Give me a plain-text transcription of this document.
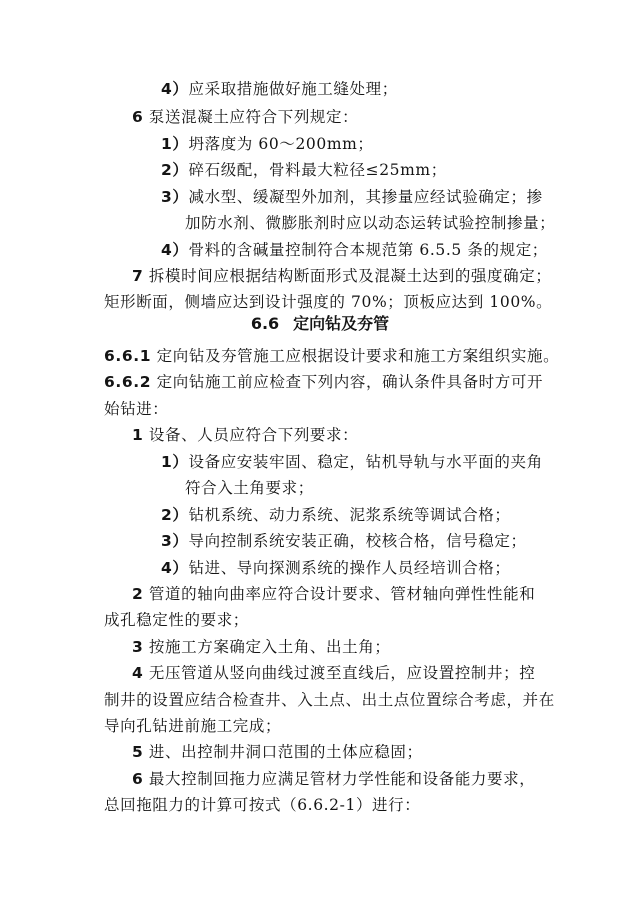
4）应采取措施做好施工缝处理；
6 泵送混凝土应符合下列规定：
1）坍落度为 60～200mm；
2）碎石级配，骨料最大粒径≤25mm；
3）减水型、缓凝型外加剂，其掺量应经试验确定；掺
加防水剂、微膨胀剂时应以动态运转试验控制掺量；
4）骨料的含碱量控制符合本规范第 6.5.5 条的规定；
7 拆模时间应根据结构断面形式及混凝土达到的强度确定；
矩形断面，侧墙应达到设计强度的 70%；顶板应达到 100%。
6.6 定向钻及夯管
6.6.1 定向钻及夯管施工应根据设计要求和施工方案组织实施。
6.6.2 定向钻施工前应检查下列内容，确认条件具备时方可开
始钻进：
1 设备、人员应符合下列要求：
1）设备应安装牢固、稳定，钻机导轨与水平面的夹角
符合入土角要求；
2）钻机系统、动力系统、泥浆系统等调试合格；
3）导向控制系统安装正确，校核合格，信号稳定；
4）钻进、导向探测系统的操作人员经培训合格；
2 管道的轴向曲率应符合设计要求、管材轴向弹性性能和
成孔稳定性的要求；
3 按施工方案确定入土角、出土角；
4 无压管道从竖向曲线过渡至直线后，应设置控制井；控
制井的设置应结合检查井、入土点、出土点位置综合考虑，并在
导向孔钻进前施工完成；
5 进、出控制井洞口范围的土体应稳固；
6 最大控制回拖力应满足管材力学性能和设备能力要求，
总回拖阻力的计算可按式（6.6.2-1）进行：
